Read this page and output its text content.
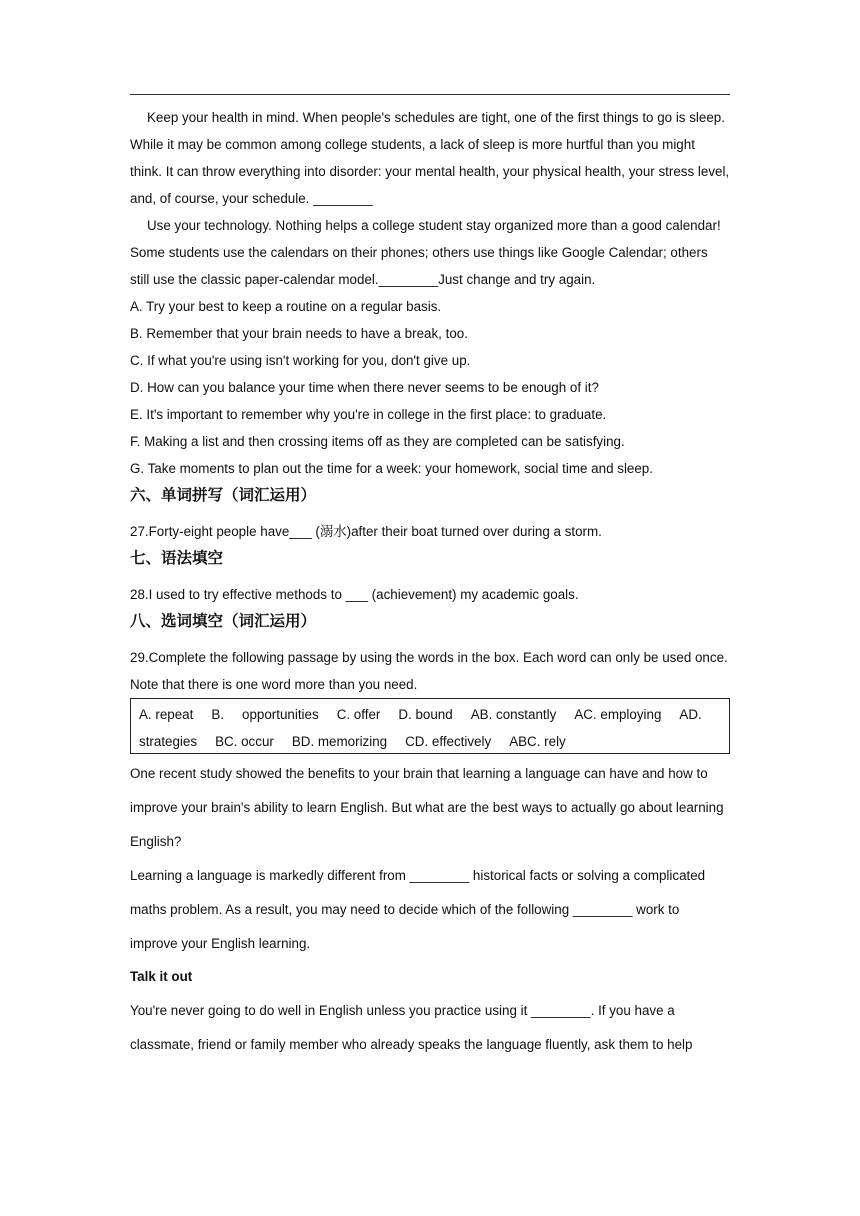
Keep your health in mind. When people's schedules are tight, one of the first things to go is sleep. While it may be common among college students, a lack of sleep is more hurtful than you might think. It can throw everything into disorder: your mental health, your physical health, your stress level, and, of course, your schedule. ________
Use your technology. Nothing helps a college student stay organized more than a good calendar! Some students use the calendars on their phones; others use things like Google Calendar; others still use the classic paper-calendar model.________Just change and try again.
A. Try your best to keep a routine on a regular basis.
B. Remember that your brain needs to have a break, too.
C. If what you're using isn't working for you, don't give up.
D. How can you balance your time when there never seems to be enough of it?
E. It's important to remember why you're in college in the first place: to graduate.
F. Making a list and then crossing items off as they are completed can be satisfying.
G. Take moments to plan out the time for a week: your homework, social time and sleep.
六、单词拼写（词汇运用）
27.Forty-eight people have___ (溺水)after their boat turned over during a storm.
七、语法填空
28.I used to try effective methods to ___ (achievement) my academic goals.
八、选词填空（词汇运用）
29.Complete the following passage by using the words in the box. Each word can only be used once. Note that there is one word more than you need.
A. repeat B. opportunities C. offer D. bound AB. constantly AC. employing AD.
strategies BC. occur BD. memorizing CD. effectively ABC. rely
One recent study showed the benefits to your brain that learning a language can have and how to improve your brain's ability to learn English. But what are the best ways to actually go about learning English?
Learning a language is markedly different from ________ historical facts or solving a complicated maths problem. As a result, you may need to decide which of the following ________ work to improve your English learning.
Talk it out
You're never going to do well in English unless you practice using it ________. If you have a classmate, friend or family member who already speaks the language fluently, ask them to help
